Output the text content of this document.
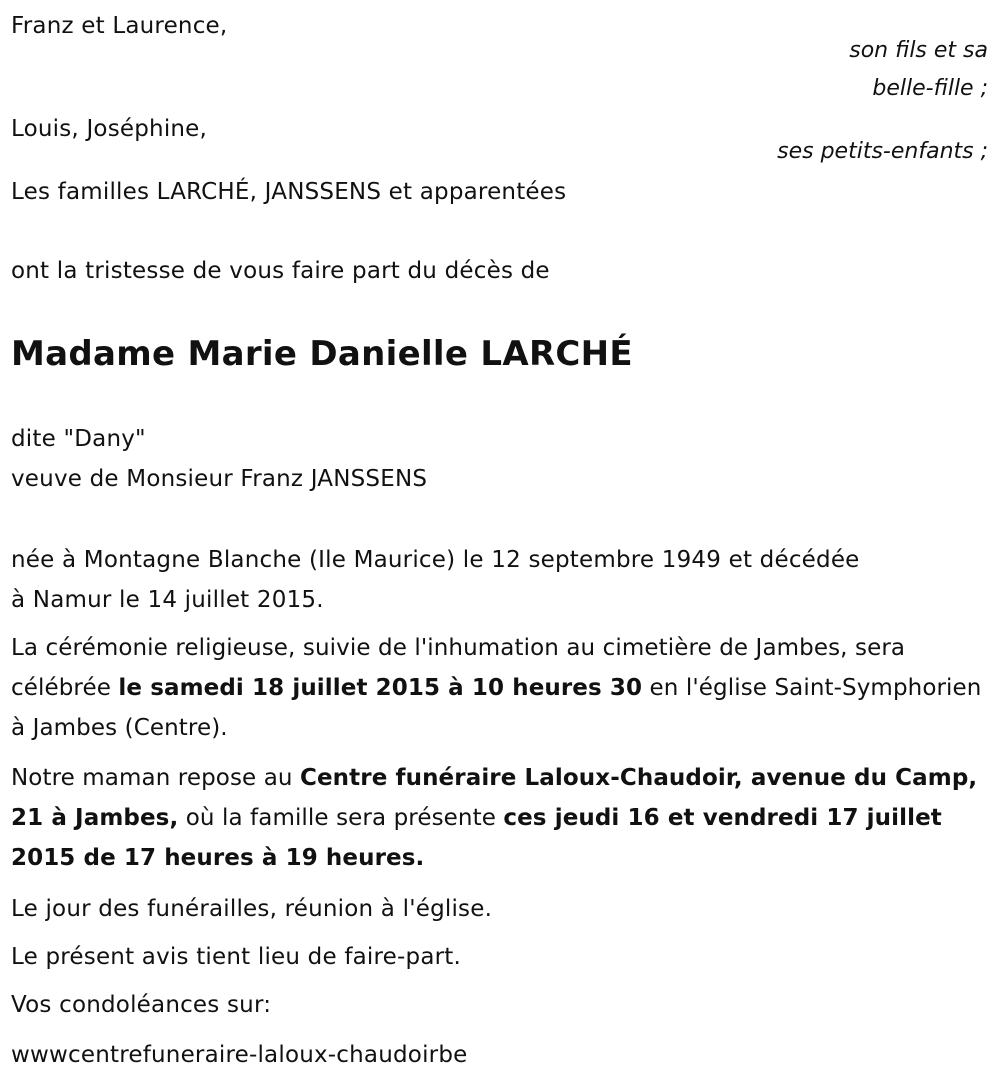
Franz et Laurence,
son fils et sa
belle-fille ;
Louis, Joséphine,
ses petits-enfants ;
Les familles LARCHÉ, JANSSENS et apparentées
ont la tristesse de vous faire part du décès de
Madame Marie Danielle LARCHÉ
dite "Dany"
veuve de Monsieur Franz JANSSENS
née à Montagne Blanche (Ile Maurice) le 12 septembre 1949 et décédée
à Namur le 14 juillet 2015.
La cérémonie religieuse, suivie de l'inhumation au cimetière de Jambes, sera célébrée le samedi 18 juillet 2015 à 10 heures 30 en l'église Saint-Symphorien à Jambes (Centre).
Notre maman repose au Centre funéraire Laloux-Chaudoir, avenue du Camp, 21 à Jambes, où la famille sera présente ces jeudi 16 et vendredi 17 juillet 2015 de 17 heures à 19 heures.
Le jour des funérailles, réunion à l'église.
Le présent avis tient lieu de faire-part.
Vos condoléances sur:
wwwcentrefuneraire-laloux-chaudoirbe
